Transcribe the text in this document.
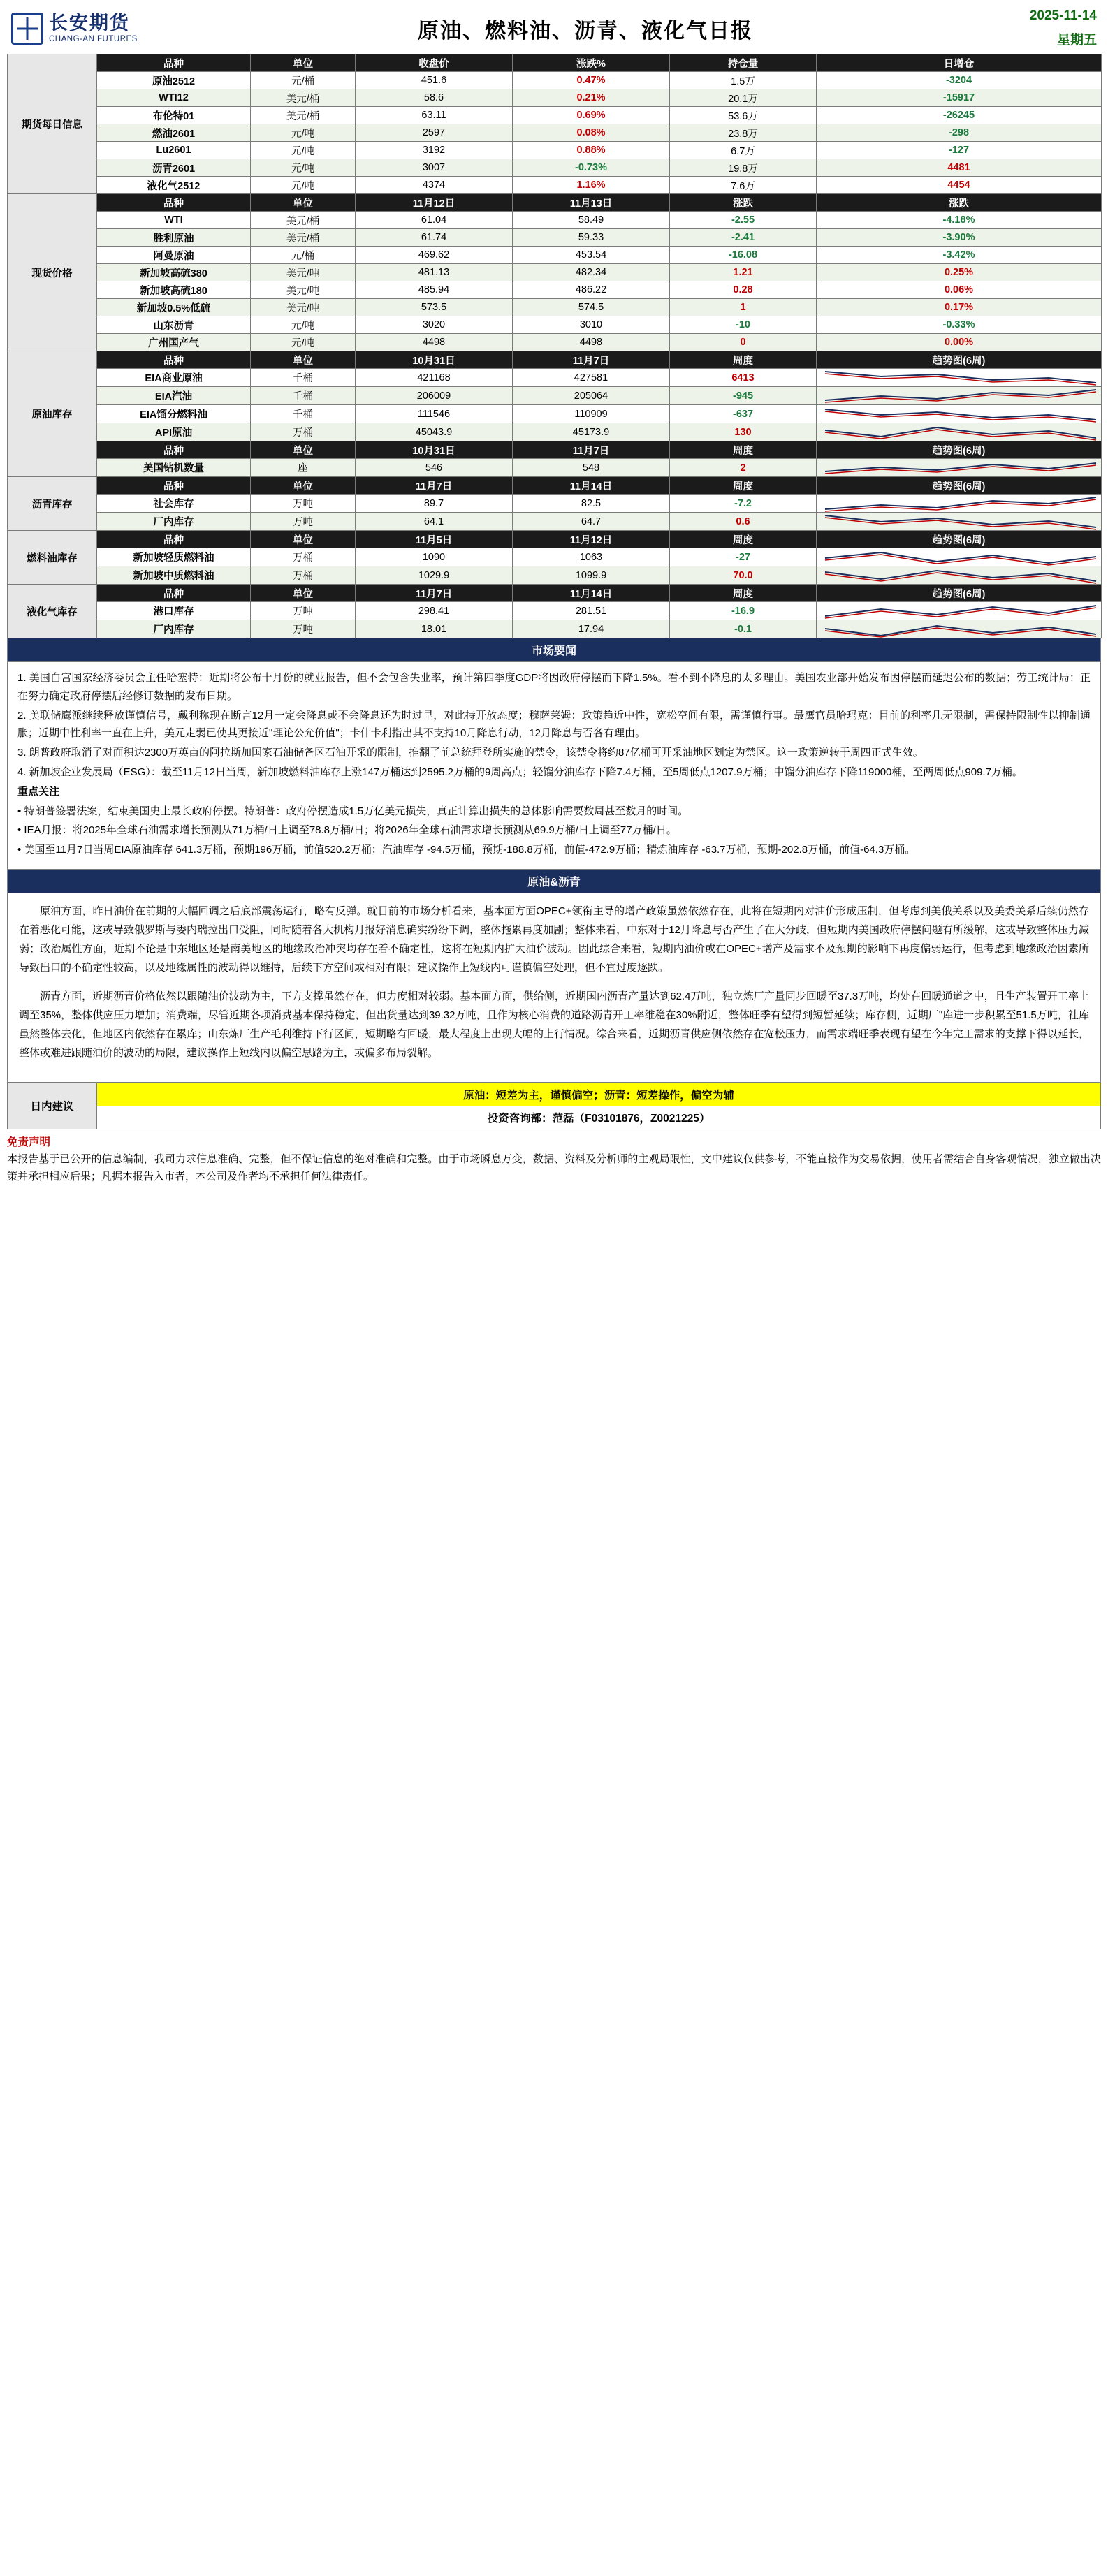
长安期货
CHANG-AN FUTURES	原油、燃料油、沥青、液化气日报
2025-11-14
星期五
期货每日信息	品种	单位	收盘价	涨跌%	持仓量	日增仓
	原油2512	元/桶	451.6	0.47%	1.5万	-3204
	WTI12	美元/桶	58.6	0.21%	20.1万	-15917
	布伦特01	美元/桶	63.11	0.69%	53.6万	-26245
	燃油2601	元/吨	2597	0.08%	23.8万	-298
	Lu2601	元/吨	3192	0.88%	6.7万	-127
	沥青2601	元/吨	3007	-0.73%	19.8万	4481
	液化气2512	元/吨	4374	1.16%	7.6万	4454
现货价格	品种	单位	11月12日	11月13日	涨跌	涨跌
	WTI	美元/桶	61.04	58.49	-2.55	-4.18%
	胜利原油	美元/桶	61.74	59.33	-2.41	-3.90%
	阿曼原油	元/桶	469.62	453.54	-16.08	-3.42%
	新加坡高硫380	美元/吨	481.13	482.34	1.21	0.25%
	新加坡高硫180	美元/吨	485.94	486.22	0.28	0.06%
	新加坡0.5%低硫	美元/吨	573.5	574.5	1	0.17%
	山东沥青	元/吨	3020	3010	-10	-0.33%
	广州国产气	元/吨	4498	4498	0	0.00%
原油库存	品种	单位	10月31日	11月7日	周度	趋势图(6周)
	EIA商业原油	千桶	421168	427581	6413	

	EIA汽油	千桶	206009	205064	-945	

	EIA馏分燃料油	千桶	111546	110909	-637	

	API原油	万桶	45043.9	45173.9	130	

	品种	单位	10月31日	11月7日	周度	趋势图(6周)
	美国钻机数量	座	546	548	2	

沥青库存	品种	单位	11月7日	11月14日	周度	趋势图(6周)
	社会库存	万吨	89.7	82.5	-7.2	

	厂内库存	万吨	64.1	64.7	0.6	

燃料油库存	品种	单位	11月5日	11月12日	周度	趋势图(6周)
	新加坡轻质燃料油	万桶	1090	1063	-27	

	新加坡中质燃料油	万桶	1029.9	1099.9	70.0	

液化气库存	品种	单位	11月7日	11月14日	周度	趋势图(6周)
	港口库存	万吨	298.41	281.51	-16.9	

	厂内库存	万吨	18.01	17.94	-0.1	
市场要闻

1. 美国白宫国家经济委员会主任哈塞特：近期将公布十月份的就业报告，但不会包含失业率，预计第四季度GDP将因政府停摆而下降1.5%。看不到不降息的太多理由。美国农业部开始发布因停摆而延迟公布的数据；劳工统计局：正在努力确定政府停摆后经修订数据的发布日期。

2. 美联储鹰派继续释放谨慎信号，戴利称现在断言12月一定会降息或不会降息还为时过早，对此持开放态度；穆萨莱姆：政策趋近中性，宽松空间有限，需谨慎行事。最鹰官员哈玛克：目前的利率几无限制，需保持限制性以抑制通胀；近期中性利率一直在上升，美元走弱已使其更接近"理论公允价值"；卡什卡利指出其不支持10月降息行动，12月降息与否各有理由。

3. 朗普政府取消了对面积达2300万英亩的阿拉斯加国家石油储备区石油开采的限制，推翻了前总统拜登所实施的禁令，该禁令将约87亿桶可开采油地区划定为禁区。这一政策逆转于周四正式生效。

4. 新加坡企业发展局（ESG）：截至11月12日当周，新加坡燃料油库存上涨147万桶达到2595.2万桶的9周高点；轻馏分油库存下降7.4万桶，至5周低点1207.9万桶；中馏分油库存下降119000桶，至两周低点909.7万桶。

重点关注

• 特朗普签署法案，结束美国史上最长政府停摆。特朗普：政府停摆造成1.5万亿美元损失，真正计算出损失的总体影响需要数周甚至数月的时间。

• IEA月报：将2025年全球石油需求增长预测从71万桶/日上调至78.8万桶/日；将2026年全球石油需求增长预测从69.9万桶/日上调至77万桶/日。

• 美国至11月7日当周EIA原油库存 641.3万桶，预期196万桶，前值520.2万桶；汽油库存 -94.5万桶，预期-188.8万桶，前值-472.9万桶；精炼油库存 -63.7万桶，预期-202.8万桶，前值-64.3万桶。

原油&沥青

原油方面，昨日油价在前期的大幅回调之后底部震荡运行，略有反弹。就目前的市场分析看来，基本面方面OPEC+领衔主导的增产政策虽然依然存在，此将在短期内对油价形成压制，但考虑到美俄关系以及美委关系后续仍然存在着恶化可能，这或导致俄罗斯与委内瑞拉出口受阻，同时随着各大机构月报好消息确实纷纷下调，整体拖累再度加剧；整体来看，中东对于12月降息与否产生了在大分歧，但短期内美国政府停摆问题有所缓解，这或导致整体压力减弱；政治属性方面，近期不论是中东地区还是南美地区的地缘政治冲突均存在着不确定性，这将在短期内扩大油价波动。因此综合来看，短期内油价或在OPEC+增产及需求不及预期的影响下再度偏弱运行，但考虑到地缘政治因素所导致出口的不确定性较高，以及地缘属性的波动得以维持，后续下方空间或相对有限；建议操作上短线内可谨慎偏空处理，但不宜过度逐跌。

沥青方面，近期沥青价格依然以跟随油价波动为主，下方支撑虽然存在，但力度相对较弱。基本面方面，供给侧，近期国内沥青产量达到62.4万吨，独立炼厂产量同步回暖至37.3万吨，均处在回暖通道之中，且生产装置开工率上调至35%，整体供应压力增加；消费端，尽管近期各项消费基本保持稳定，但出货量达到39.32万吨，且作为核心消费的道路沥青开工率维稳在30%附近，整体旺季有望得到短暂延续；库存侧，近期厂"库进一步积累至51.5万吨，社库虽然整体去化，但地区内依然存在累库；山东炼厂生产毛利维持下行区间，短期略有回暖，最大程度上出现大幅的上行情况。综合来看，近期沥青供应侧依然存在宽松压力，而需求端旺季表现有望在今年完工需求的支撑下得以延长，整体或难进跟随油价的波动的局限，建议操作上短线内以偏空思路为主，或偏多布局裂解。

日内建议	原油：短差为主，谨慎偏空；沥青：短差操作，偏空为辅
投资咨询部：范磊（F03101876，Z0021225）
免责声明
本报告基于已公开的信息编制，我司力求信息准确、完整，但不保证信息的绝对准确和完整。由于市场瞬息万变，数据、资料及分析师的主观局限性，文中建议仅供参考，不能直接作为交易依据，使用者需结合自身客观情况，独立做出决策并承担相应后果；凡据本报告入市者，本公司及作者均不承担任何法律责任。
